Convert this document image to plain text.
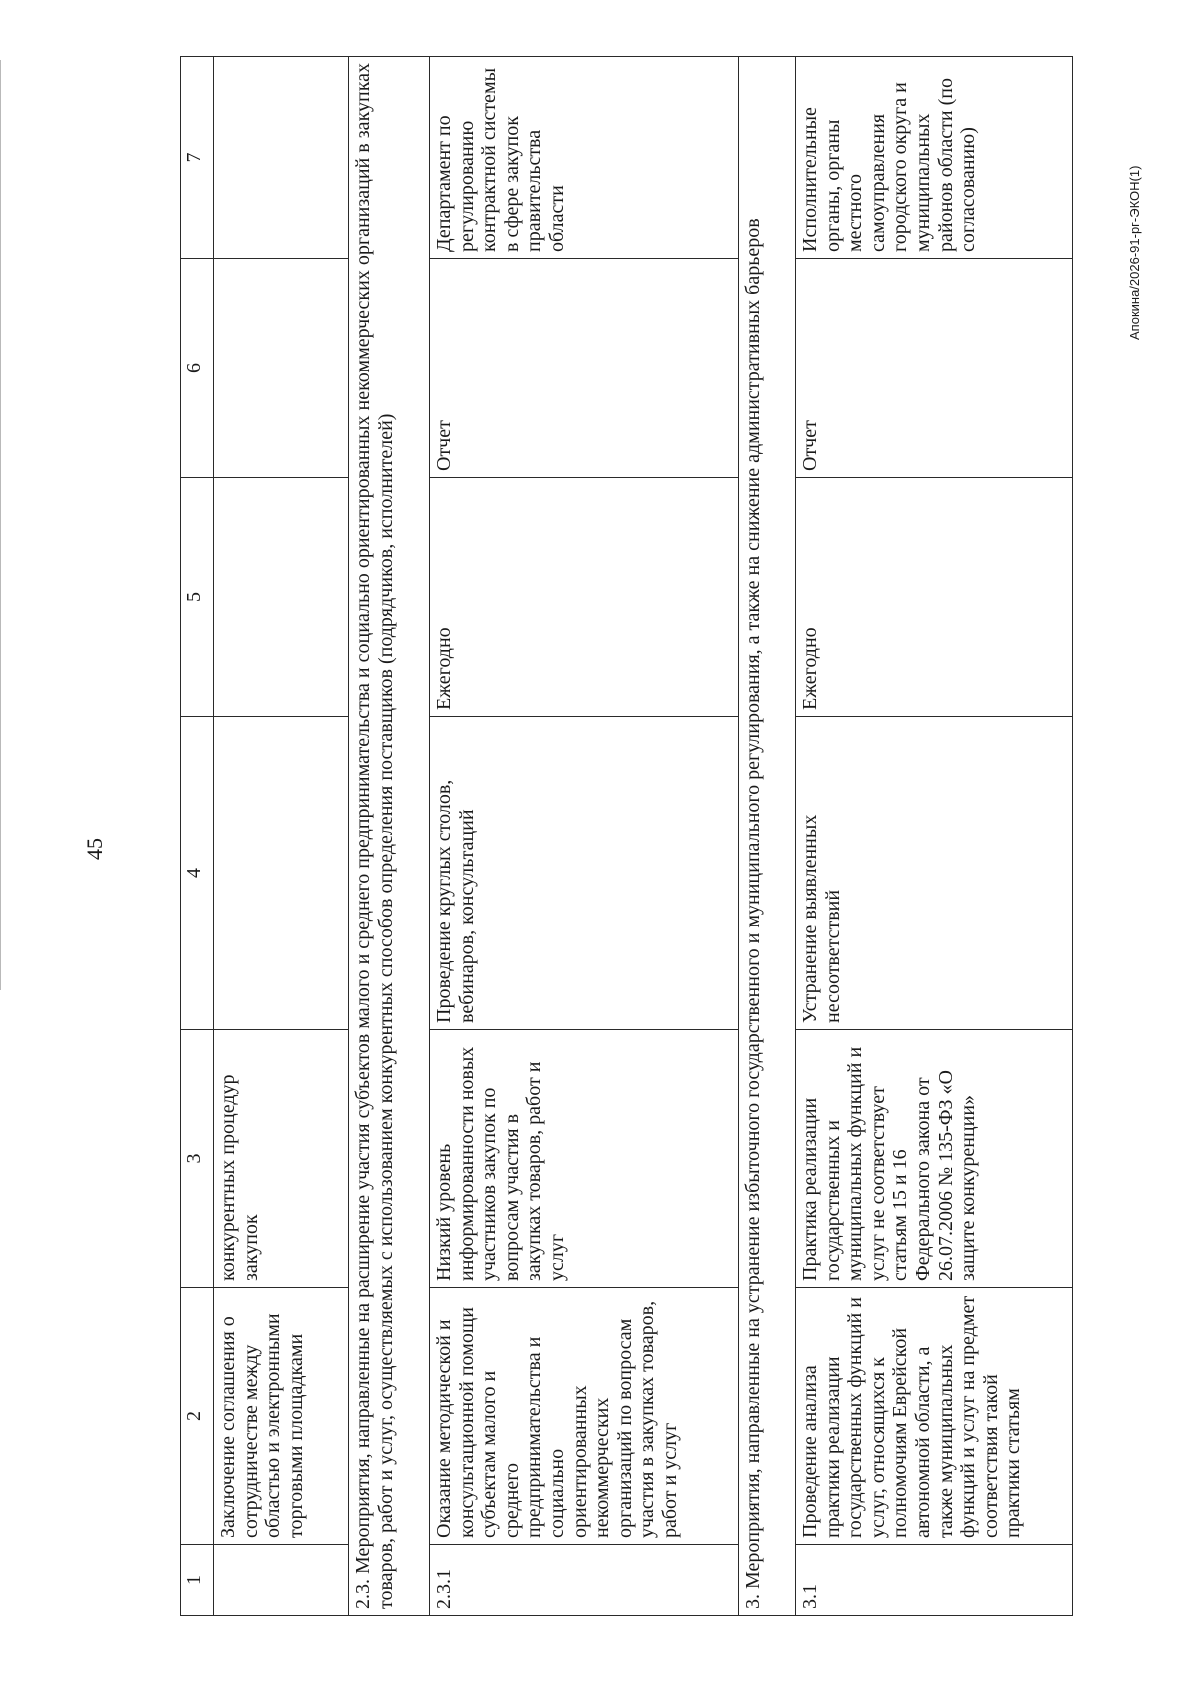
45
1	2	3	4	5	6	7
	Заключение соглашения о сотрудничестве между областью и электронными торговыми площадками	конкурентных процедур закупок				
2.3. Мероприятия, направленные на расширение участия субъектов малого и среднего предпринимательства и социально ориентированных некоммерческих организаций в закупках товаров, работ и услуг, осуществляемых с использованием конкурентных способов определения поставщиков (подрядчиков, исполнителей)						
2.3.1	Оказание методической и консультационной помощи субъектам малого и среднего предпринимательства и социально ориентированных некоммерческих организаций по вопросам участия в закупках товаров, работ и услуг	Низкий уровень информированности новых участников закупок по вопросам участия в закупках товаров, работ и услуг	Проведение круглых столов, вебинаров, консультаций	Ежегодно	Отчет	Департамент по регулированию контрактной системы в сфере закупок правительства области
3. Мероприятия, направленные на устранение избыточного государственного и муниципального регулирования, а также на снижение административных барьеров						
3.1	Проведение анализа практики реализации государственных функций и услуг, относящихся к полномочиям Еврейской автономной области, а также муниципальных функций и услуг на предмет соответствия такой практики статьям	Практика реализации государственных и муниципальных функций и услуг не соответствует статьям 15 и 16 Федерального закона от 26.07.2006 № 135-ФЗ «О защите конкуренции»	Устранение выявленных несоответствий	Ежегодно	Отчет	Исполнительные органы, органы местного самоуправления городского округа и муниципальных районов области (по согласованию)	Апокина/2026-91-рг-ЭКОН(1)
